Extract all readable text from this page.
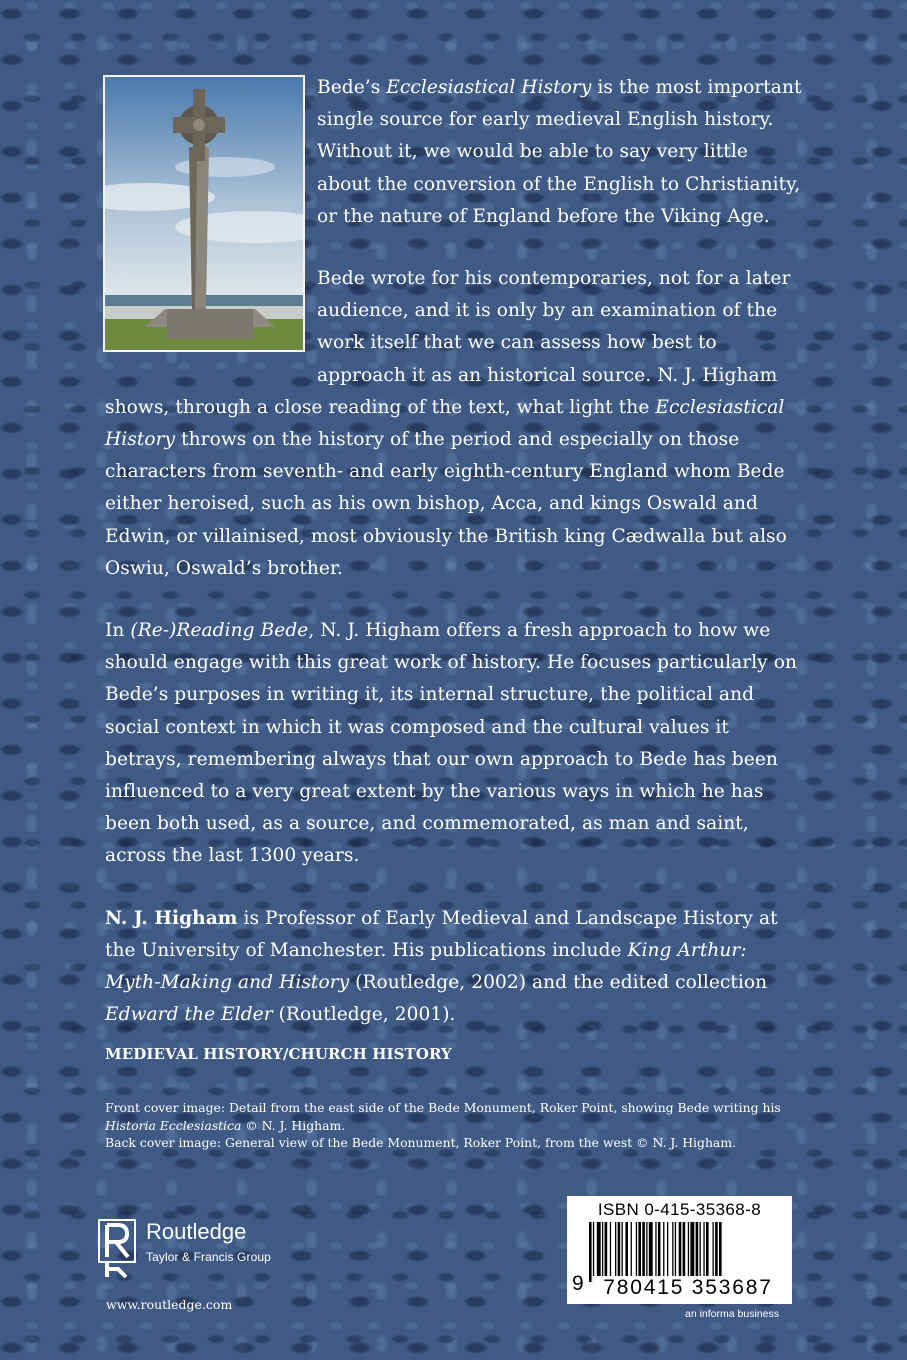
Bede’s Ecclesiastical History is the most important single source for early medieval English history. Without it, we would be able to say very little about the conversion of the English to Christianity, or the nature of England before the Viking Age.

Bede wrote for his contemporaries, not for a later audience, and it is only by an examination of the work itself that we can assess how best to approach it as an historical source. N. J. Higham shows, through a close reading of the text, what light the Ecclesiastical History throws on the history of the period and especially on those characters from seventh- and early eighth-century England whom Bede either heroised, such as his own bishop, Acca, and kings Oswald and Edwin, or villainised, most obviously the British king Cædwalla but also Oswiu, Oswald’s brother.

In (Re-)Reading Bede, N. J. Higham offers a fresh approach to how we should engage with this great work of history. He focuses particularly on Bede’s purposes in writing it, its internal structure, the political and social context in which it was composed and the cultural values it betrays, remembering always that our own approach to Bede has been influenced to a very great extent by the various ways in which he has been both used, as a source, and commemorated, as man and saint, across the last 1300 years.

N. J. Higham is Professor of Early Medieval and Landscape History at the University of Manchester. His publications include King Arthur: Myth-Making and History (Routledge, 2002) and the edited collection Edward the Elder (Routledge, 2001).

MEDIEVAL HISTORY/CHURCH HISTORY
Front cover image: Detail from the east side of the Bede Monument, Roker Point, showing Bede writing his Historia Ecclesiastica © N. J. Higham.
Back cover image: General view of the Bede Monument, Roker Point, from the west © N. J. Higham.
Routledge
Taylor & Francis Group
www.routledge.com
ISBN 0-415-35368-8
9 780415 353687
an informa business
